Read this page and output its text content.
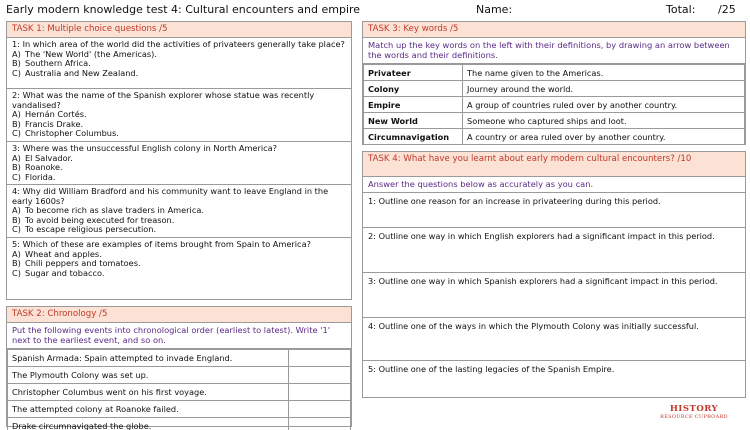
Early modern knowledge test 4: Cultural encounters and empire	Name:	Total: /25
TASK 1: Multiple choice questions /5
1: In which area of the world did the activities of privateers generally take place?
A) The 'New World' (the Americas).
B) Southern Africa.
C) Australia and New Zealand.
2: What was the name of the Spanish explorer whose statue was recently vandalised?
A) Hernán Cortés.
B) Francis Drake.
C) Christopher Columbus.
3: Where was the unsuccessful English colony in North America?
A) El Salvador.
B) Roanoke.
C) Florida.
4: Why did William Bradford and his community want to leave England in the early 1600s?
A) To become rich as slave traders in America.
B) To avoid being executed for treason.
C) To escape religious persecution.
5: Which of these are examples of items brought from Spain to America?
A) Wheat and apples.
B) Chili peppers and tomatoes.
C) Sugar and tobacco.
TASK 2: Chronology /5
Put the following events into chronological order (earliest to latest). Write '1' next to the earliest event, and so on.
Spanish Armada: Spain attempted to invade England.	
The Plymouth Colony was set up.	
Christopher Columbus went on his first voyage.	
The attempted colony at Roanoke failed.	
Drake circumnavigated the globe.	
TASK 3: Key words /5
Match up the key words on the left with their definitions, by drawing an arrow between the words and their definitions.
Privateer	The name given to the Americas.
Colony	Journey around the world.
Empire	A group of countries ruled over by another country.
New World	Someone who captured ships and loot.
Circumnavigation	A country or area ruled over by another country.
TASK 4: What have you learnt about early modern cultural encounters? /10
Answer the questions below as accurately as you can.
1: Outline one reason for an increase in privateering during this period.
2: Outline one way in which English explorers had a significant impact in this period.
3: Outline one way in which Spanish explorers had a significant impact in this period.
4: Outline one of the ways in which the Plymouth Colony was initially successful.
5: Outline one of the lasting legacies of the Spanish Empire.
HISTORY
RESOURCE CUPBOARD
